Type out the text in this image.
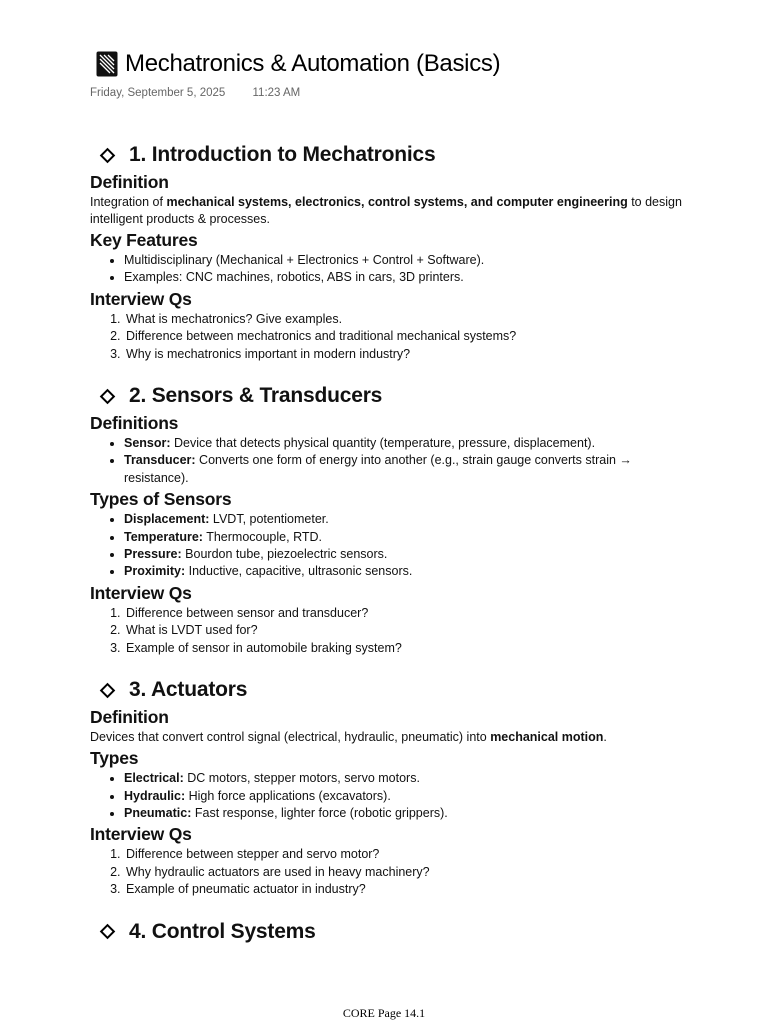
Mechatronics & Automation (Basics)
Friday, September 5, 2025 11:23 AM
1. Introduction to Mechatronics
Definition

Integration of mechanical systems, electronics, control systems, and computer engineering to design intelligent products & processes.

Key Features
• Multidisciplinary (Mechanical + Electronics + Control + Software).
• Examples: CNC machines, robotics, ABS in cars, 3D printers.
Interview Qs
1. What is mechatronics? Give examples.
2. Difference between mechatronics and traditional mechanical systems?
3. Why is mechatronics important in modern industry?
2. Sensors & Transducers
Definitions
• Sensor: Device that detects physical quantity (temperature, pressure, displacement).
• Transducer: Converts one form of energy into another (e.g., strain gauge converts strain → resistance).
Types of Sensors
• Displacement: LVDT, potentiometer.
• Temperature: Thermocouple, RTD.
• Pressure: Bourdon tube, piezoelectric sensors.
• Proximity: Inductive, capacitive, ultrasonic sensors.
Interview Qs
1. Difference between sensor and transducer?
2. What is LVDT used for?
3. Example of sensor in automobile braking system?
3. Actuators
Definition

Devices that convert control signal (electrical, hydraulic, pneumatic) into mechanical motion.

Types
• Electrical: DC motors, stepper motors, servo motors.
• Hydraulic: High force applications (excavators).
• Pneumatic: Fast response, lighter force (robotic grippers).
Interview Qs
1. Difference between stepper and servo motor?
2. Why hydraulic actuators are used in heavy machinery?
3. Example of pneumatic actuator in industry?
4. Control Systems
CORE Page 14.1
